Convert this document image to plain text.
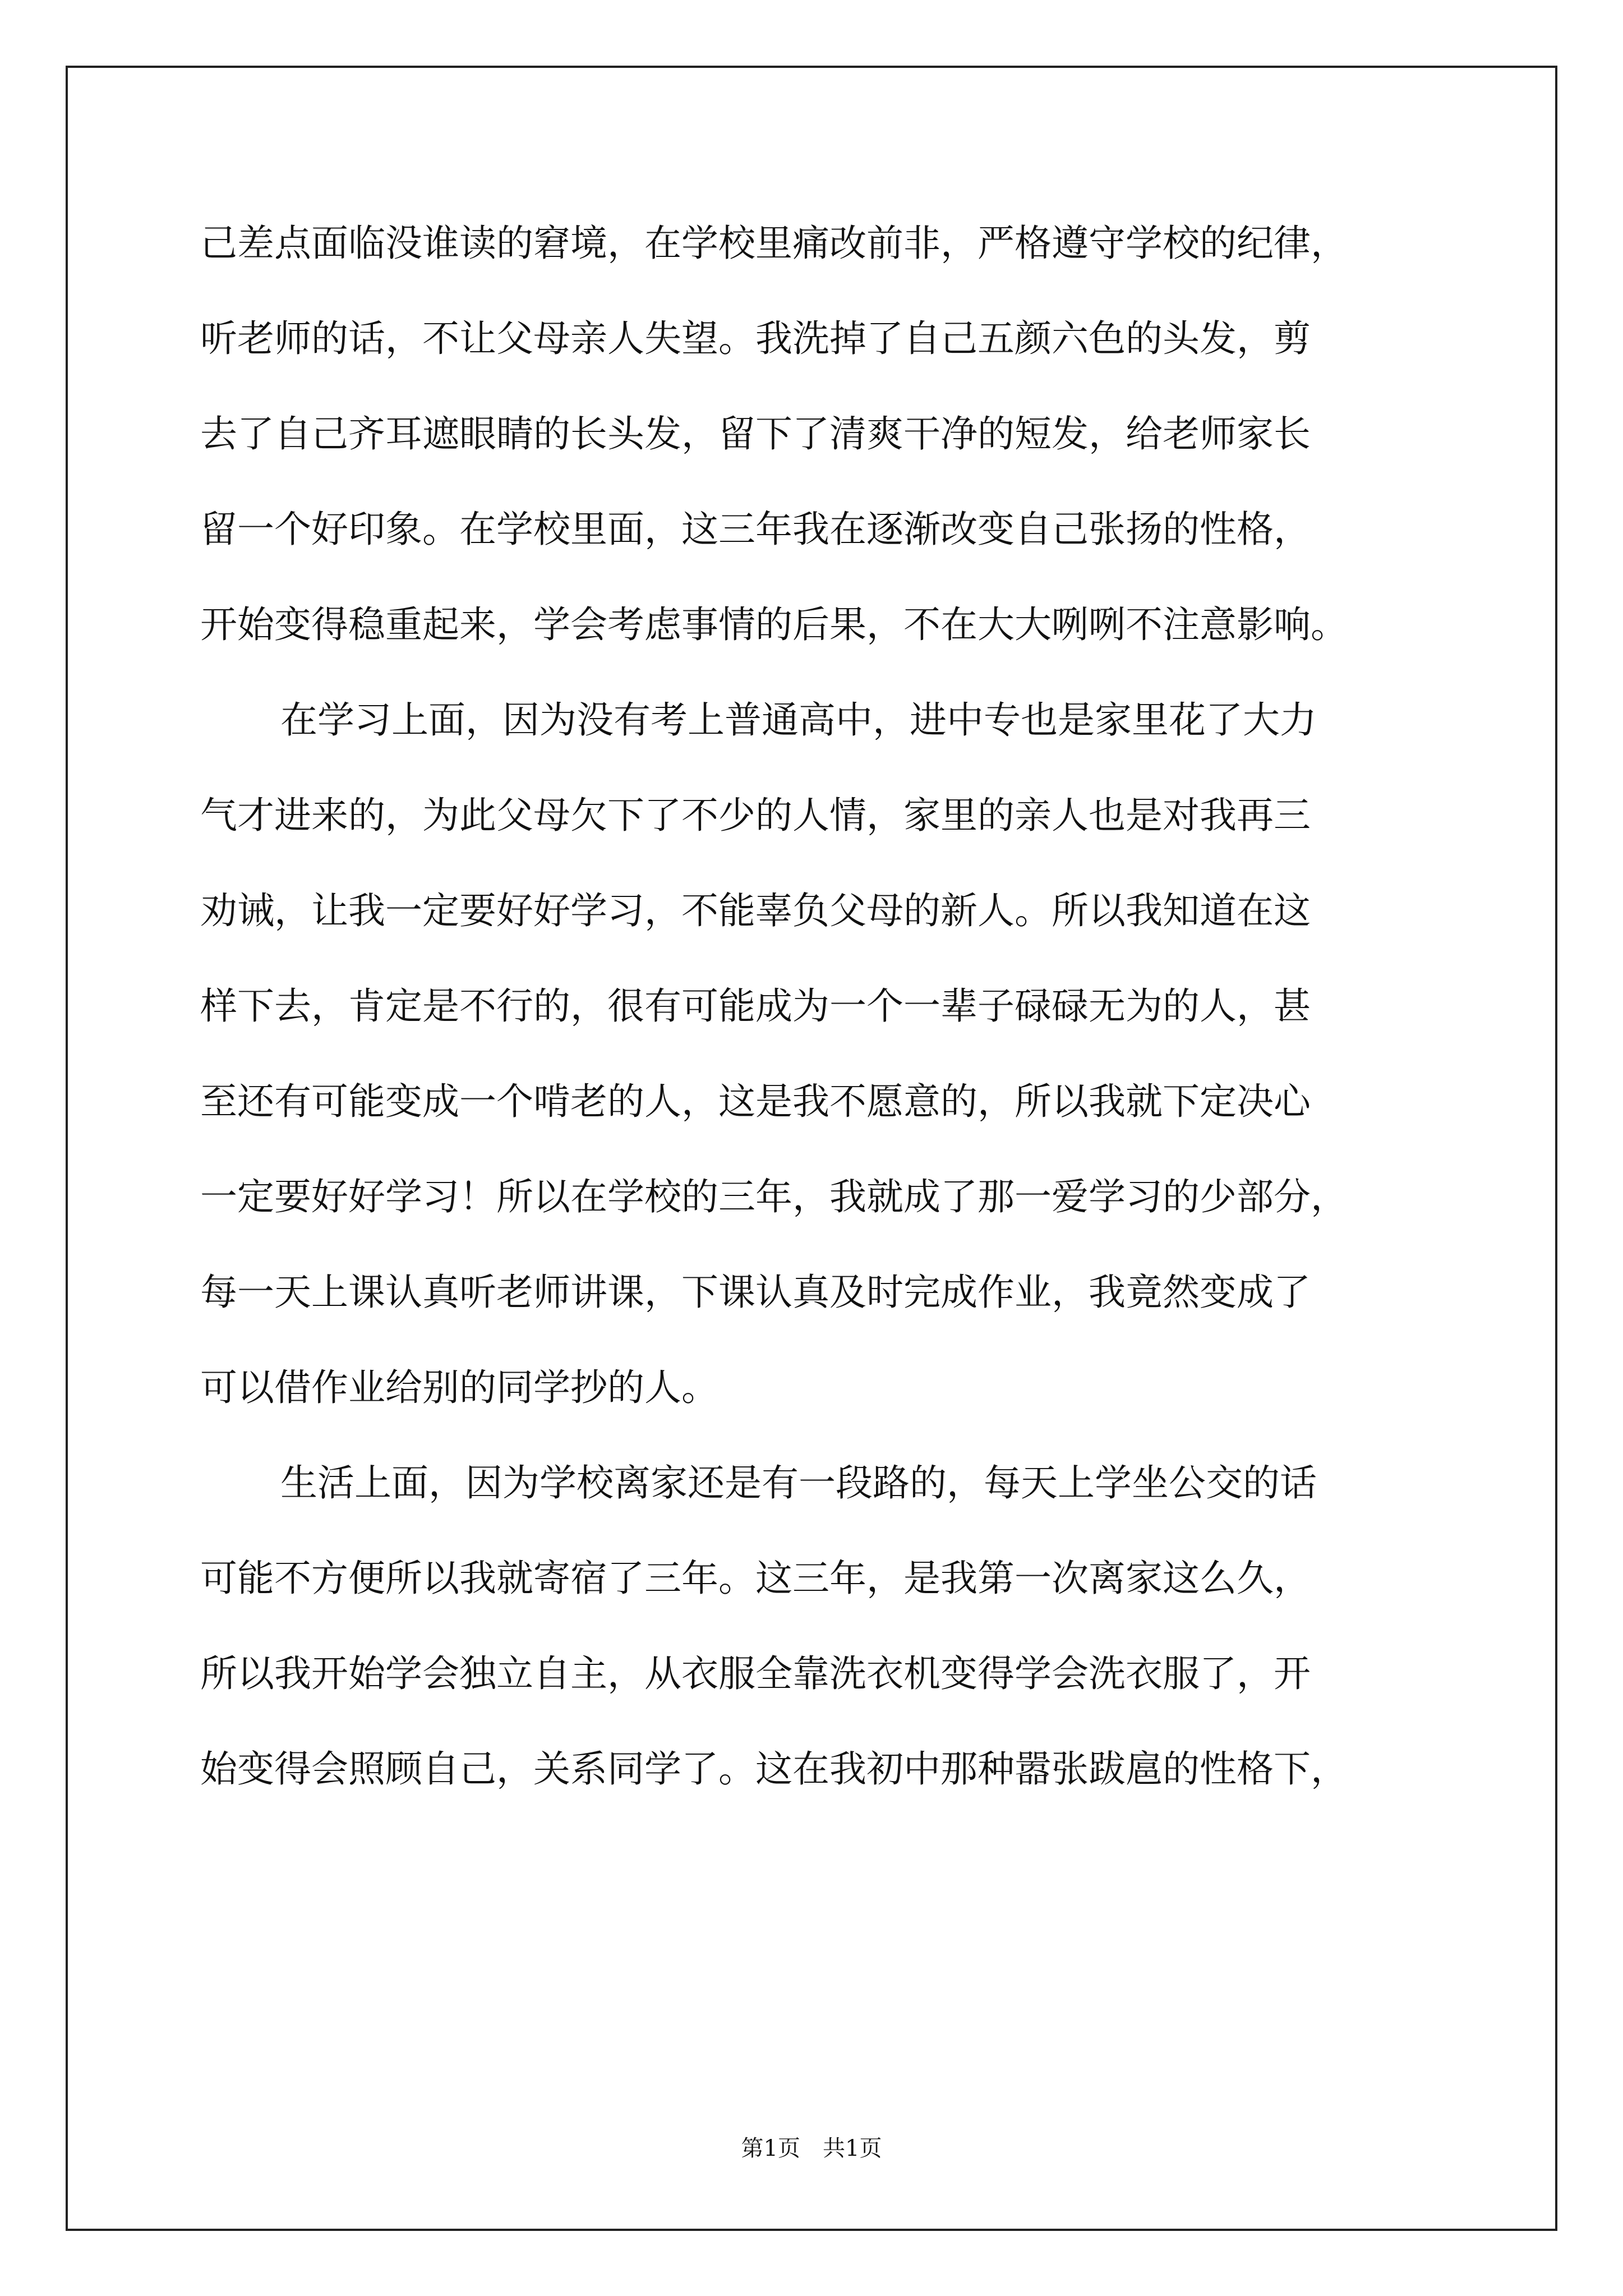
己差点面临没谁读的窘境，在学校里痛改前非，严格遵守学校的纪律，

听老师的话，不让父母亲人失望。我洗掉了自己五颜六色的头发，剪

去了自己齐耳遮眼睛的长头发，留下了清爽干净的短发，给老师家长

留一个好印象。在学校里面，这三年我在逐渐改变自己张扬的性格，

开始变得稳重起来，学会考虑事情的后果，不在大大咧咧不注意影响。

在学习上面，因为没有考上普通高中，进中专也是家里花了大力

气才进来的，为此父母欠下了不少的人情，家里的亲人也是对我再三

劝诫，让我一定要好好学习，不能辜负父母的新人。所以我知道在这

样下去，肯定是不行的，很有可能成为一个一辈子碌碌无为的人，甚

至还有可能变成一个啃老的人，这是我不愿意的，所以我就下定决心

一定要好好学习！所以在学校的三年，我就成了那一爱学习的少部分，

每一天上课认真听老师讲课，下课认真及时完成作业，我竟然变成了

可以借作业给别的同学抄的人。

生活上面，因为学校离家还是有一段路的，每天上学坐公交的话

可能不方便所以我就寄宿了三年。这三年，是我第一次离家这么久，

所以我开始学会独立自主，从衣服全靠洗衣机变得学会洗衣服了，开

始变得会照顾自己，关系同学了。这在我初中那种嚣张跋扈的性格下，

第1页　共1页
